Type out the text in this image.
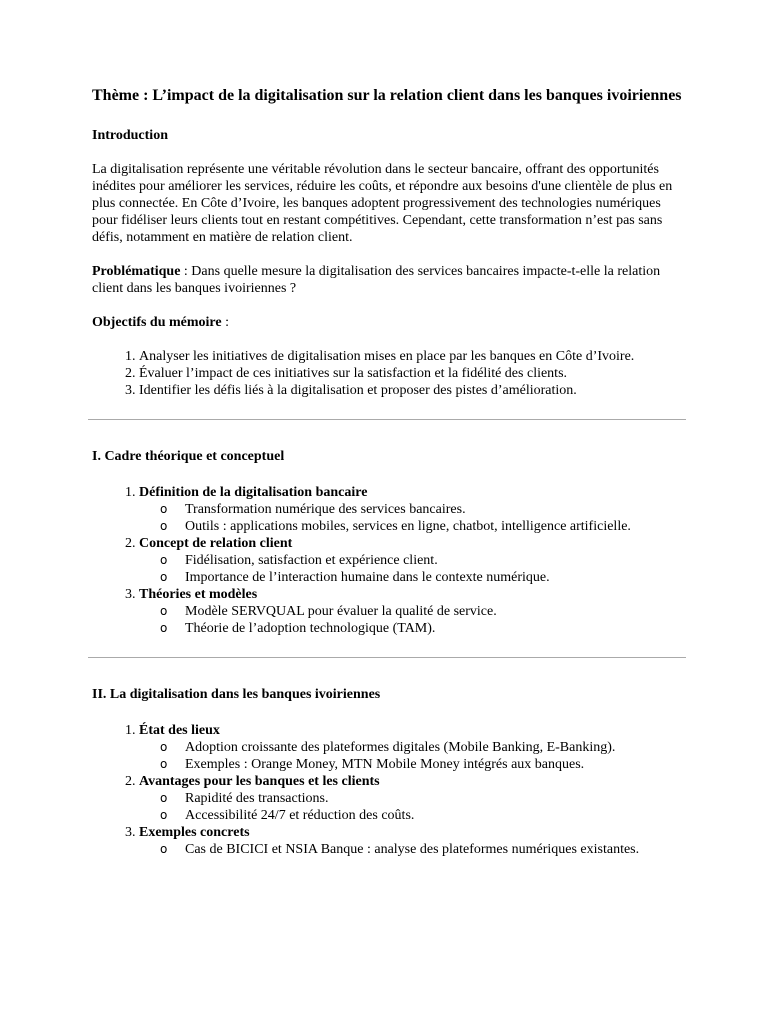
Thème : L’impact de la digitalisation sur la relation client dans les banques ivoiriennes
Introduction
La digitalisation représente une véritable révolution dans le secteur bancaire, offrant des opportunités inédites pour améliorer les services, réduire les coûts, et répondre aux besoins d'une clientèle de plus en plus connectée. En Côte d’Ivoire, les banques adoptent progressivement des technologies numériques pour fidéliser leurs clients tout en restant compétitives. Cependant, cette transformation n’est pas sans défis, notamment en matière de relation client.
Problématique : Dans quelle mesure la digitalisation des services bancaires impacte-t-elle la relation client dans les banques ivoiriennes ?
Objectifs du mémoire :
1. Analyser les initiatives de digitalisation mises en place par les banques en Côte d’Ivoire.
2. Évaluer l’impact de ces initiatives sur la satisfaction et la fidélité des clients.
3. Identifier les défis liés à la digitalisation et proposer des pistes d’amélioration.
I. Cadre théorique et conceptuel
1. Définition de la digitalisation bancaire
o Transformation numérique des services bancaires.
o Outils : applications mobiles, services en ligne, chatbot, intelligence artificielle.
2. Concept de relation client
o Fidélisation, satisfaction et expérience client.
o Importance de l’interaction humaine dans le contexte numérique.
3. Théories et modèles
o Modèle SERVQUAL pour évaluer la qualité de service.
o Théorie de l’adoption technologique (TAM).
II. La digitalisation dans les banques ivoiriennes
1. État des lieux
o Adoption croissante des plateformes digitales (Mobile Banking, E-Banking).
o Exemples : Orange Money, MTN Mobile Money intégrés aux banques.
2. Avantages pour les banques et les clients
o Rapidité des transactions.
o Accessibilité 24/7 et réduction des coûts.
3. Exemples concrets
o Cas de BICICI et NSIA Banque : analyse des plateformes numériques existantes.
